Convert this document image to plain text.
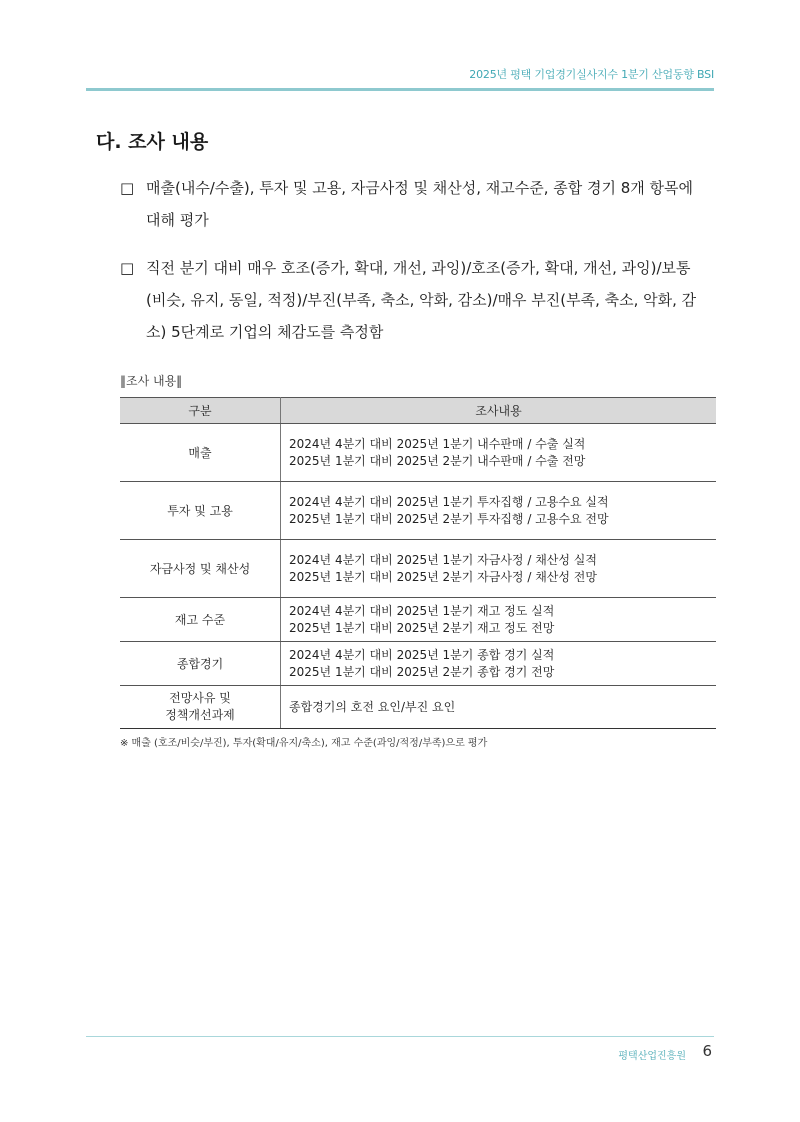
2025년 평택 기업경기실사지수 1분기 산업동향 BSI
다. 조사 내용
□ 매출(내수/수출), 투자 및 고용, 자금사정 및 채산성, 재고수준, 종합 경기 8개 항목에 대해 평가
□ 직전 분기 대비 매우 호조(증가, 확대, 개선, 과잉)/호조(증가, 확대, 개선, 과잉)/보통(비슷, 유지, 동일, 적정)/부진(부족, 축소, 악화, 감소)/매우 부진(부족, 축소, 악화, 감소) 5단계로 기업의 체감도를 측정함
‖조사 내용‖
구분	조사내용
매출	2024년 4분기 대비 2025년 1분기 내수판매 / 수출 실적
2025년 1분기 대비 2025년 2분기 내수판매 / 수출 전망

투자 및 고용	2024년 4분기 대비 2025년 1분기 투자집행 / 고용수요 실적
2025년 1분기 대비 2025년 2분기 투자집행 / 고용수요 전망

자금사정 및 채산성	2024년 4분기 대비 2025년 1분기 자금사정 / 채산성 실적
2025년 1분기 대비 2025년 2분기 자금사정 / 채산성 전망

재고 수준	2024년 4분기 대비 2025년 1분기 재고 정도 실적
2025년 1분기 대비 2025년 2분기 재고 정도 전망

종합경기	2024년 4분기 대비 2025년 1분기 종합 경기 실적
2025년 1분기 대비 2025년 2분기 종합 경기 전망

전망사유 및
정책개선과제	종합경기의 호전 요인/부진 요인
※ 매출 (호조/비슷/부진), 투자(확대/유지/축소), 재고 수준(과잉/적정/부족)으로 평가
평택산업진흥원 6
